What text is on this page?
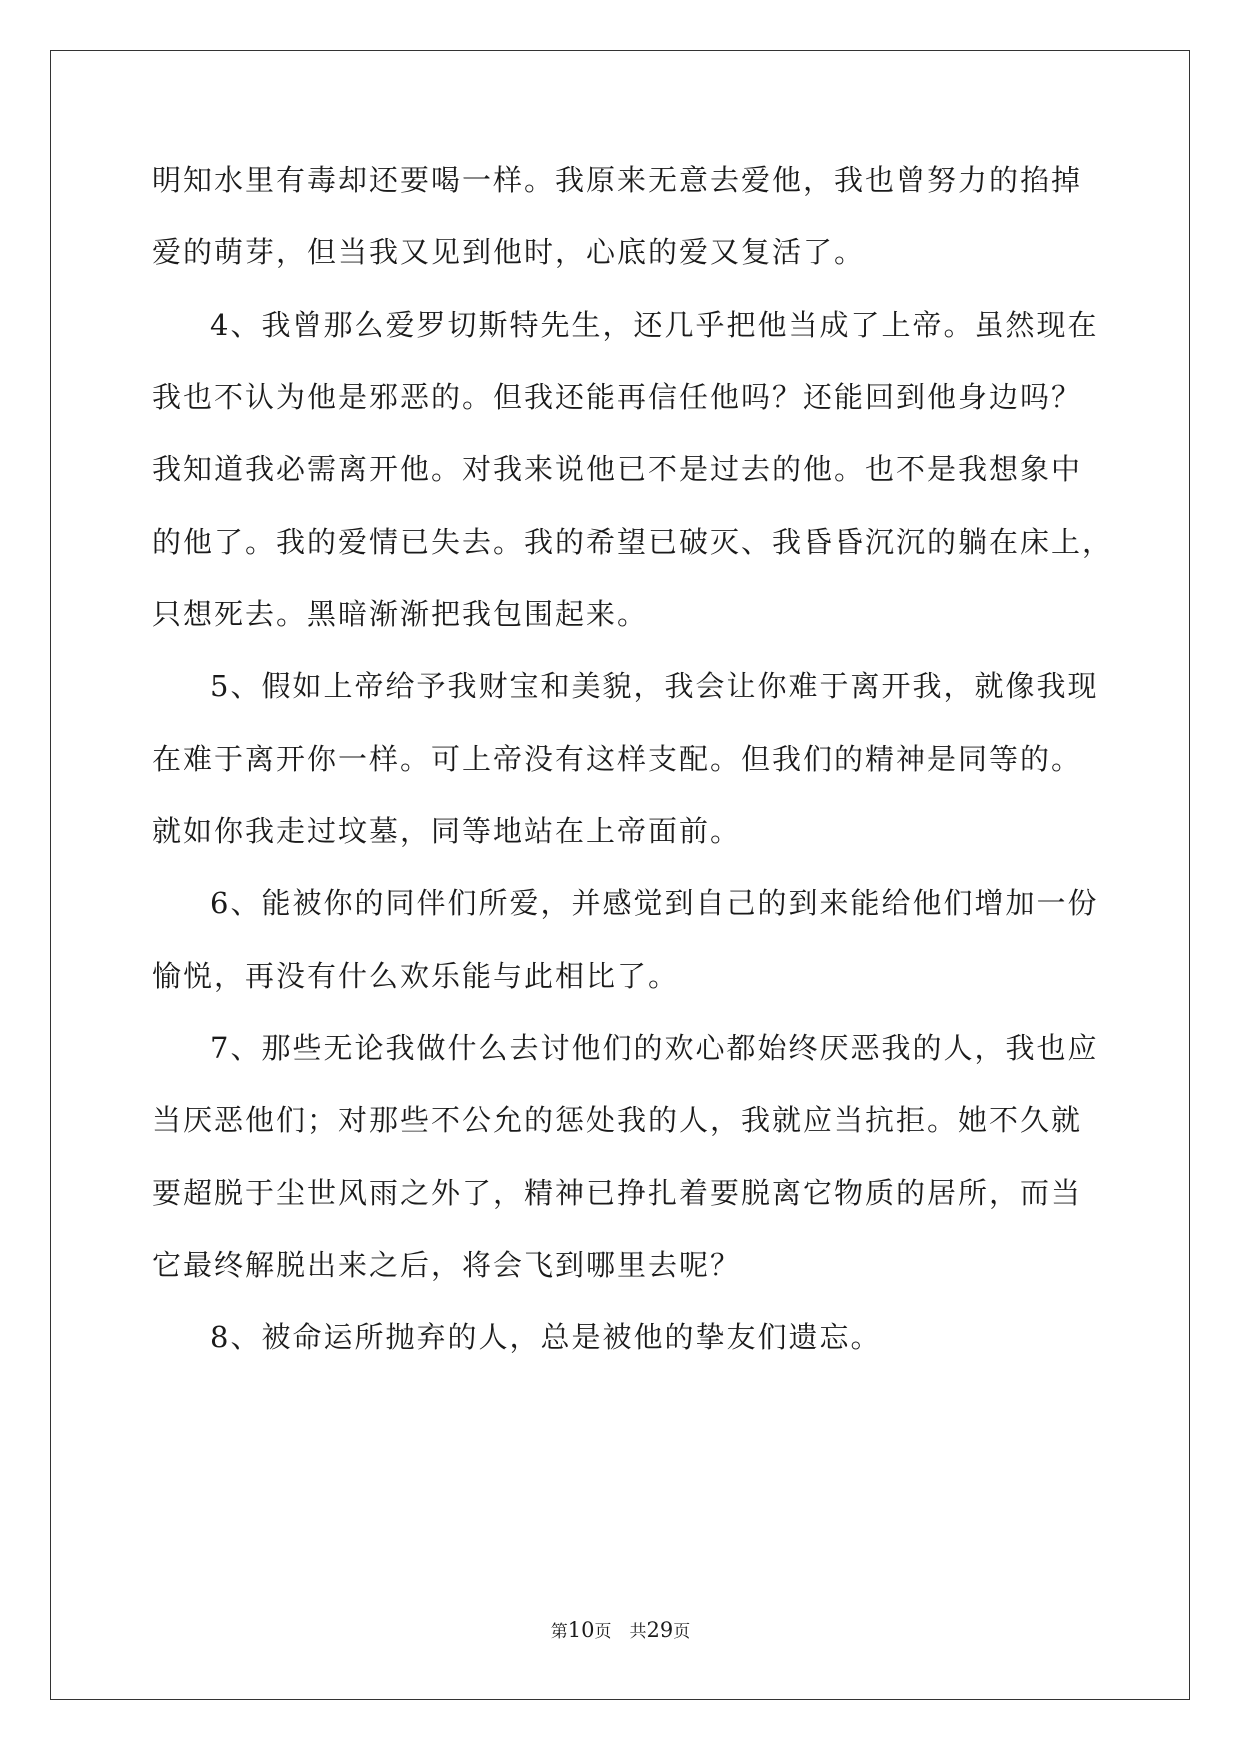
明知水里有毒却还要喝一样。我原来无意去爱他，我也曾努力的掐掉
爱的萌芽，但当我又见到他时，心底的爱又复活了。
4、我曾那么爱罗切斯特先生，还几乎把他当成了上帝。虽然现在
我也不认为他是邪恶的。但我还能再信任他吗？还能回到他身边吗？
我知道我必需离开他。对我来说他已不是过去的他。也不是我想象中
的他了。我的爱情已失去。我的希望已破灭、我昏昏沉沉的躺在床上，
只想死去。黑暗渐渐把我包围起来。
5、假如上帝给予我财宝和美貌，我会让你难于离开我，就像我现
在难于离开你一样。可上帝没有这样支配。但我们的精神是同等的。
就如你我走过坟墓，同等地站在上帝面前。
6、能被你的同伴们所爱，并感觉到自己的到来能给他们增加一份
愉悦，再没有什么欢乐能与此相比了。
7、那些无论我做什么去讨他们的欢心都始终厌恶我的人，我也应
当厌恶他们；对那些不公允的惩处我的人，我就应当抗拒。她不久就
要超脱于尘世风雨之外了，精神已挣扎着要脱离它物质的居所，而当
它最终解脱出来之后，将会飞到哪里去呢？
8、被命运所抛弃的人，总是被他的挚友们遗忘。
第10页 共29页
